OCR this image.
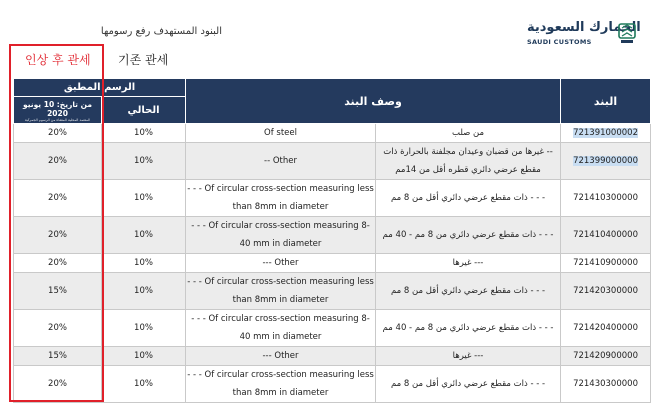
الجمارك السعودية
SAUDI CUSTOMS
البنود المستهدف رفع رسومها
인상 후 관세 기존 관세
الرسم المطبق		وصف البند		البند

من تاريخ: 10 يونيو 2020
المعتمد المحلية المعفاة من الرسوم الجمركية	الحالي			
20%	10%	Of steel	من صلب	721391000002
20%	10%	-- Other	-- غيرها من قضبان وعيدان مجلفنة بالحرارة ذات مقطع عرضي دائري قطره أقل من 14مم	721399000000
20%	10%	- - - Of circular cross-section measuring less than 8mm in diameter	- - - ذات مقطع عرضي دائري أقل من 8 مم	721410300000
20%	10%	- - - Of circular cross-section measuring 8-40 mm in diameter	- - - ذات مقطع عرضي دائري من 8 مم - 40 مم	721410400000
20%	10%	--- Other	--- غيرها	721410900000
15%	10%	- - - Of circular cross-section measuring less than 8mm in diameter	- - - ذات مقطع عرضي دائري أقل من 8 مم	721420300000
20%	10%	- - - Of circular cross-section measuring 8-40 mm in diameter	- - - ذات مقطع عرضي دائري من 8 مم - 40 مم	721420400000
15%	10%	--- Other	--- غيرها	721420900000
20%	10%	- - - Of circular cross-section measuring less than 8mm in diameter	- - - ذات مقطع عرضي دائري أقل من 8 مم	721430300000
